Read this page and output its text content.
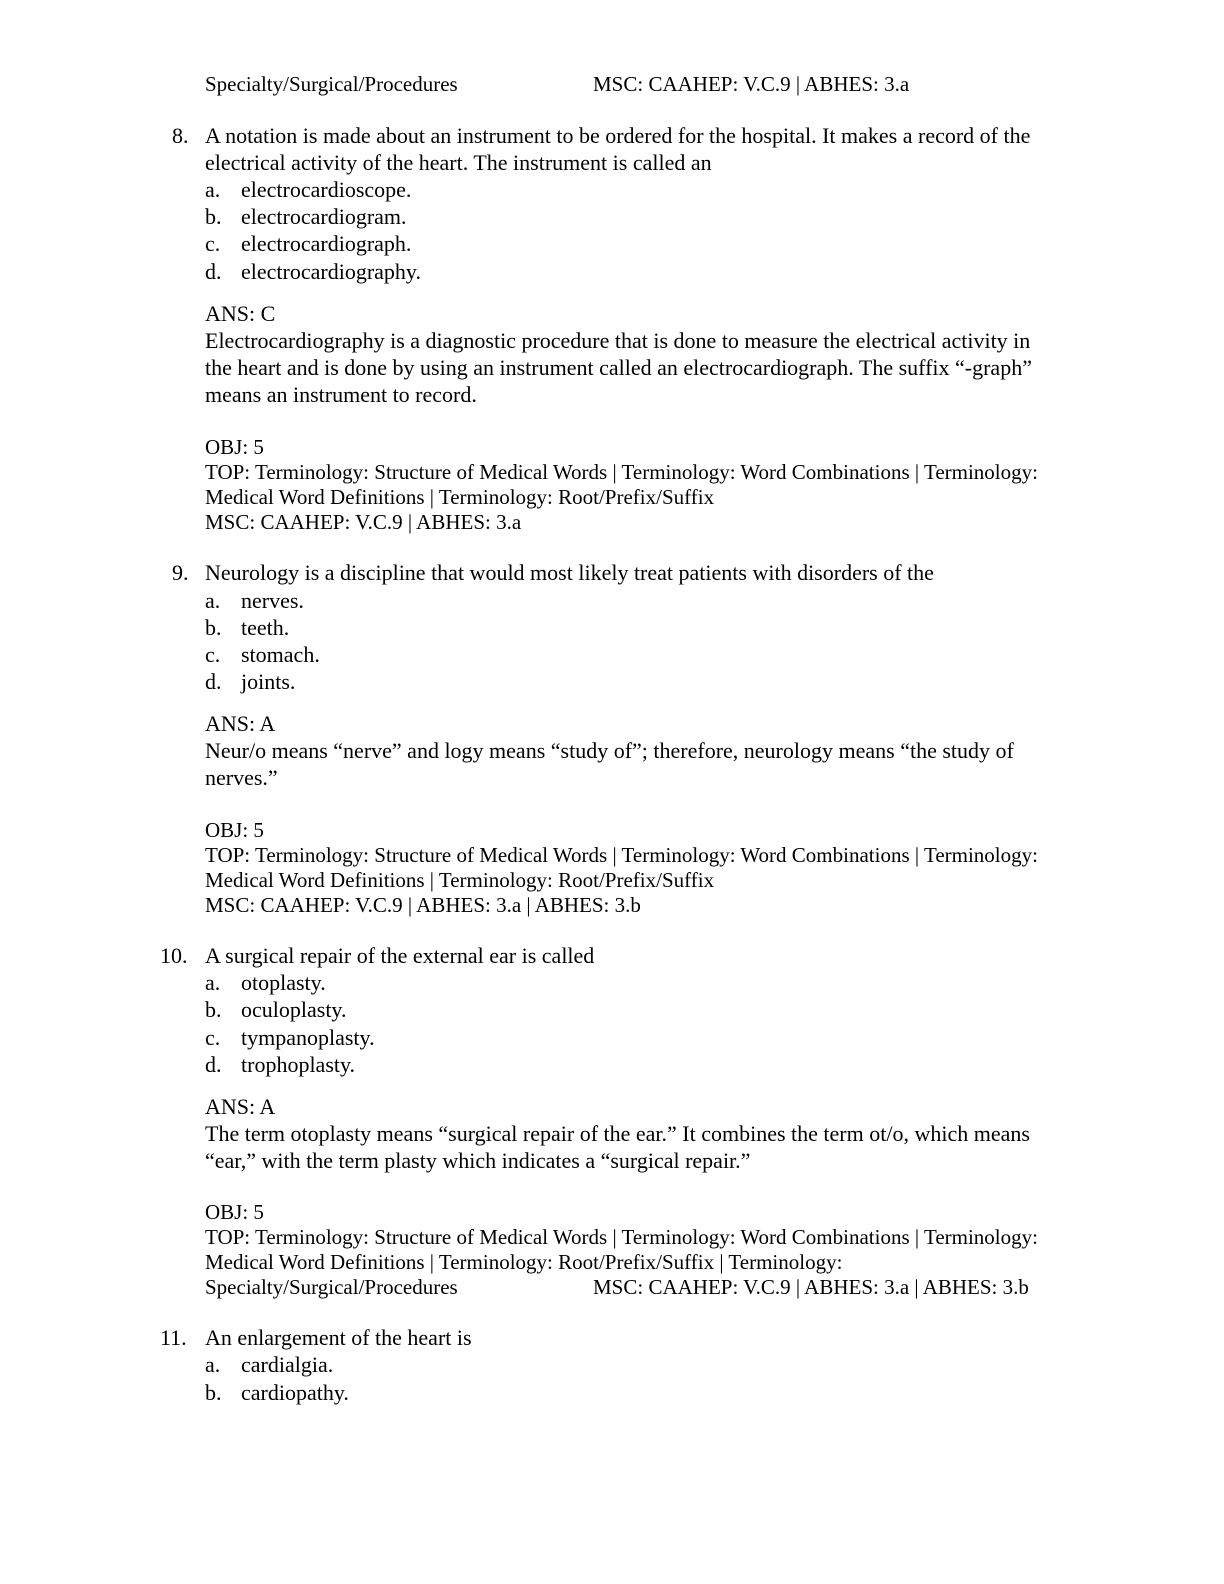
Specialty/Surgical/Procedures	MSC: CAAHEP: V.C.9 | ABHES: 3.a
8. A notation is made about an instrument to be ordered for the hospital. It makes a record of the
electrical activity of the heart. The instrument is called an
a. electrocardioscope.
b. electrocardiogram.
c. electrocardiograph.
d. electrocardiography.
ANS: C
Electrocardiography is a diagnostic procedure that is done to measure the electrical activity in
the heart and is done by using an instrument called an electrocardiograph. The suffix “-graph”
means an instrument to record.
OBJ: 5
TOP: Terminology: Structure of Medical Words | Terminology: Word Combinations | Terminology:
Medical Word Definitions | Terminology: Root/Prefix/Suffix
MSC: CAAHEP: V.C.9 | ABHES: 3.a
9. Neurology is a discipline that would most likely treat patients with disorders of the
a. nerves.
b. teeth.
c. stomach.
d. joints.
ANS: A
Neur/o means “nerve” and logy means “study of”; therefore, neurology means “the study of
nerves.”
OBJ: 5
TOP: Terminology: Structure of Medical Words | Terminology: Word Combinations | Terminology:
Medical Word Definitions | Terminology: Root/Prefix/Suffix
MSC: CAAHEP: V.C.9 | ABHES: 3.a | ABHES: 3.b
10. A surgical repair of the external ear is called
a. otoplasty.
b. oculoplasty.
c. tympanoplasty.
d. trophoplasty.
ANS: A
The term otoplasty means “surgical repair of the ear.” It combines the term ot/o, which means
“ear,” with the term plasty which indicates a “surgical repair.”
OBJ: 5
TOP: Terminology: Structure of Medical Words | Terminology: Word Combinations | Terminology:
Medical Word Definitions | Terminology: Root/Prefix/Suffix | Terminology:
Specialty/Surgical/Procedures	MSC: CAAHEP: V.C.9 | ABHES: 3.a | ABHES: 3.b
11. An enlargement of the heart is
a. cardialgia.
b. cardiopathy.
